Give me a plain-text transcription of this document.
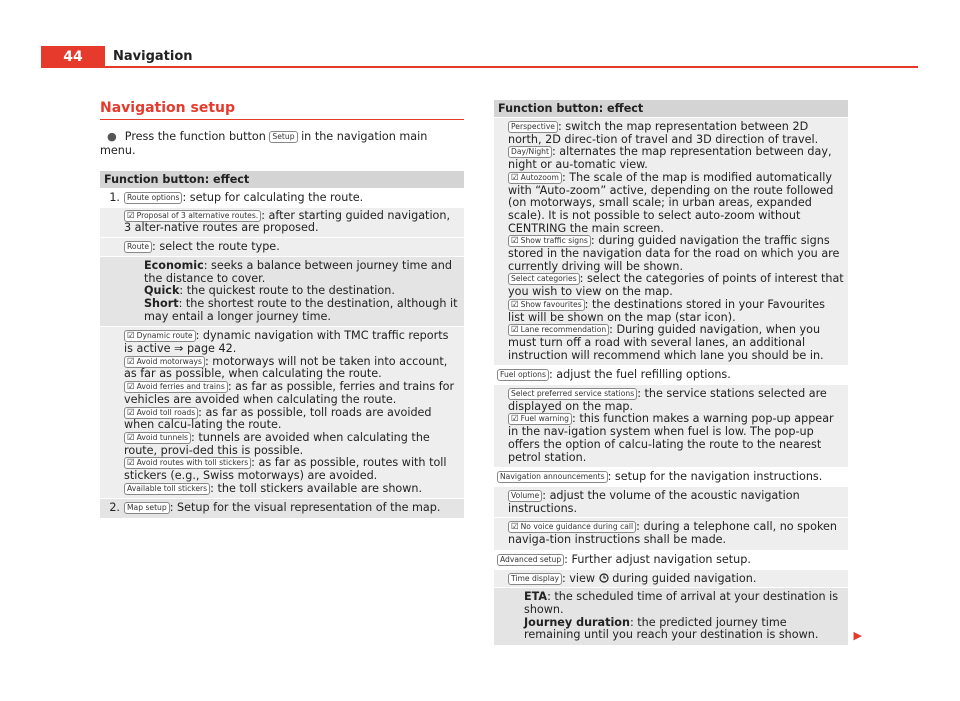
44	Navigation
Navigation setup
● Press the function button Setup in the navigation main menu.
Function button: effect
1. Route options : setup for calculating the route.
☑ Proposal of 3 alternative routes. : after starting guided navigation, 3 alter-native routes are proposed.
Route : select the route type.
Economic: seeks a balance between journey time and the distance to cover.
Quick: the quickest route to the destination.
Short: the shortest route to the destination, although it may entail a longer journey time.
☑ Dynamic route : dynamic navigation with TMC traffic reports is active ⇒ page 42.
☑ Avoid motorways : motorways will not be taken into account, as far as possible, when calculating the route.
☑ Avoid ferries and trains : as far as possible, ferries and trains for vehicles are avoided when calculating the route.
☑ Avoid toll roads : as far as possible, toll roads are avoided when calcu-lating the route.
☑ Avoid tunnels : tunnels are avoided when calculating the route, provi-ded this is possible.
☑ Avoid routes with toll stickers : as far as possible, routes with toll stickers (e.g., Swiss motorways) are avoided.
Available toll stickers : the toll stickers available are shown.
2. Map setup : Setup for the visual representation of the map.
Function button: effect
Perspective : switch the map representation between 2D north, 2D direc-tion of travel and 3D direction of travel.
Day/Night : alternates the map representation between day, night or au-tomatic view.
☑ Autozoom : The scale of the map is modified automatically with “Auto-zoom” active, depending on the route followed (on motorways, small scale; in urban areas, expanded scale). It is not possible to select auto-zoom without CENTRING the main screen.
☑ Show traffic signs : during guided navigation the traffic signs stored in the navigation data for the road on which you are currently driving will be shown.
Select categories : select the categories of points of interest that you wish to view on the map.
☑ Show favourites : the destinations stored in your Favourites list will be shown on the map (star icon).
☑ Lane recommendation : During guided navigation, when you must turn off a road with several lanes, an additional instruction will recommend which lane you should be in.
Fuel options : adjust the fuel refilling options.
Select preferred service stations : the service stations selected are displayed on the map.
☑ Fuel warning : this function makes a warning pop-up appear in the nav-igation system when fuel is low. The pop-up offers the option of calcu-lating the route to the nearest petrol station.
Navigation announcements : setup for the navigation instructions.
Volume : adjust the volume of the acoustic navigation instructions.
☑ No voice guidance during call : during a telephone call, no spoken naviga-tion instructions shall be made.
Advanced setup : Further adjust navigation setup.
Time display : view during guided navigation.
ETA: the scheduled time of arrival at your destination is shown.
Journey duration: the predicted journey time remaining until you reach your destination is shown.	▶
